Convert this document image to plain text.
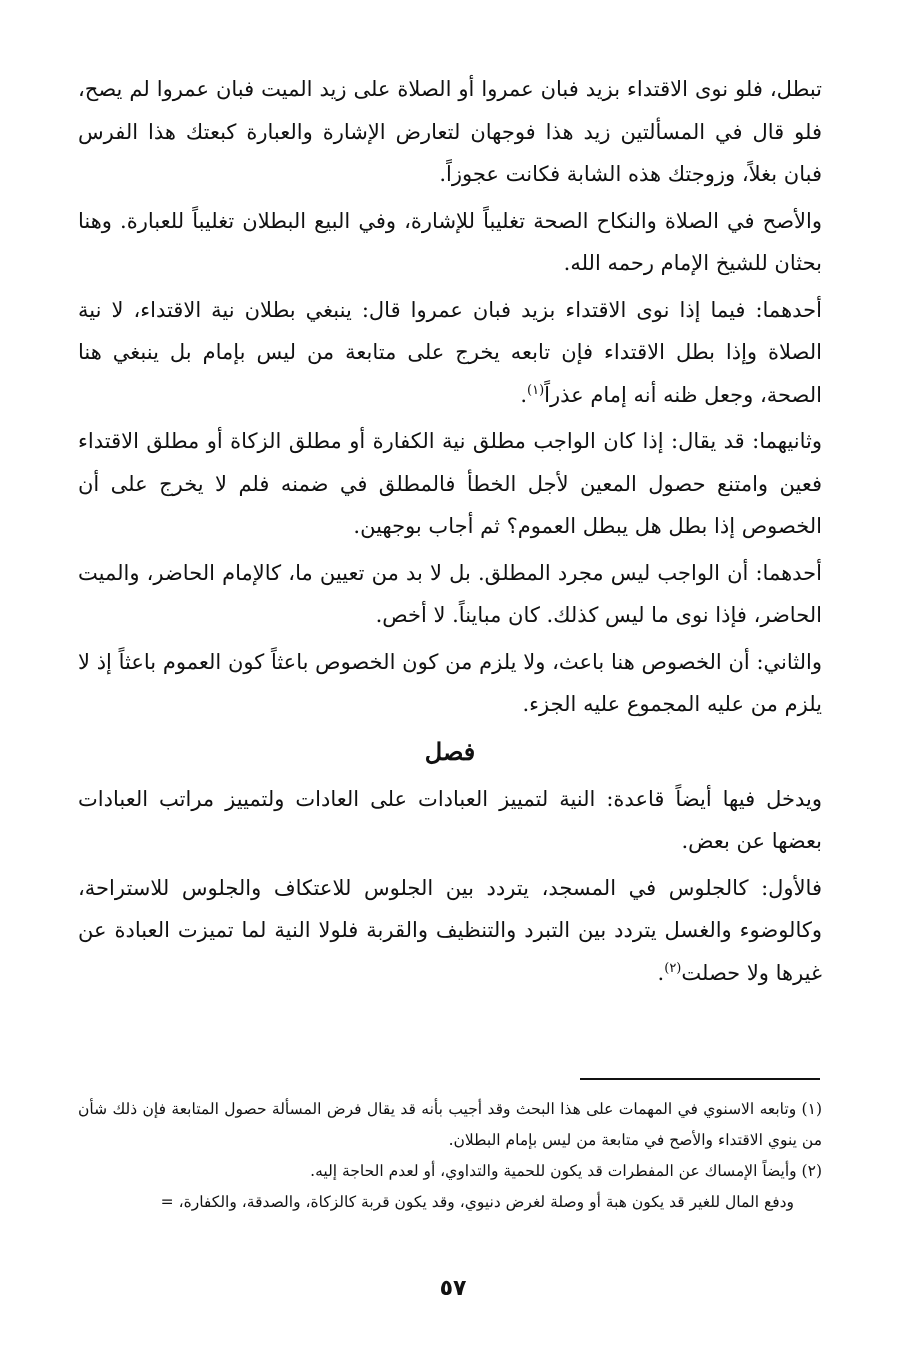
تبطل، فلو نوى الاقتداء بزيد فبان عمروا أو الصلاة على زيد الميت فبان عمروا لم يصح، فلو قال في المسألتين زيد هذا فوجهان لتعارض الإشارة والعبارة كبعتك هذا الفرس فبان بغلاً، وزوجتك هذه الشابة فكانت عجوزاً.

والأصح في الصلاة والنكاح الصحة تغليباً للإشارة، وفي البيع البطلان تغليباً للعبارة. وهنا بحثان للشيخ الإمام رحمه الله.

أحدهما: فيما إذا نوى الاقتداء بزيد فبان عمروا قال: ينبغي بطلان نية الاقتداء، لا نية الصلاة وإذا بطل الاقتداء فإن تابعه يخرج على متابعة من ليس بإمام بل ينبغي هنا الصحة، وجعل ظنه أنه إمام عذراً$^{(١)}$.

وثانيهما: قد يقال: إذا كان الواجب مطلق نية الكفارة أو مطلق الزكاة أو مطلق الاقتداء فعين وامتنع حصول المعين لأجل الخطأ فالمطلق في ضمنه فلم لا يخرج على أن الخصوص إذا بطل هل يبطل العموم؟ ثم أجاب بوجهين.

أحدهما: أن الواجب ليس مجرد المطلق. بل لا بد من تعيين ما، كالإمام الحاضر، والميت الحاضر، فإذا نوى ما ليس كذلك. كان مبايناً. لا أخص.

والثاني: أن الخصوص هنا باعث، ولا يلزم من كون الخصوص باعثاً كون العموم باعثاً إذ لا يلزم من عليه المجموع عليه الجزء.

فصل

ويدخل فيها أيضاً قاعدة: النية لتمييز العبادات على العادات ولتمييز مراتب العبادات بعضها عن بعض.

فالأول: كالجلوس في المسجد، يتردد بين الجلوس للاعتكاف والجلوس للاستراحة، وكالوضوء والغسل يتردد بين التبرد والتنظيف والقربة فلولا النية لما تميزت العبادة عن غيرها ولا حصلت$^{(٢)}$.

(١) وتابعه الاسنوي في المهمات على هذا البحث وقد أجيب بأنه قد يقال فرض المسألة حصول المتابعة فإن ذلك شأن من ينوي الاقتداء والأصح في متابعة من ليس بإمام البطلان.

(٢) وأيضاً الإمساك عن المفطرات قد يكون للحمية والتداوي، أو لعدم الحاجة إليه.

ودفع المال للغير قد يكون هبة أو وصلة لغرض دنيوي، وقد يكون قربة كالزكاة، والصدقة، والكفارة، =

٥٧
